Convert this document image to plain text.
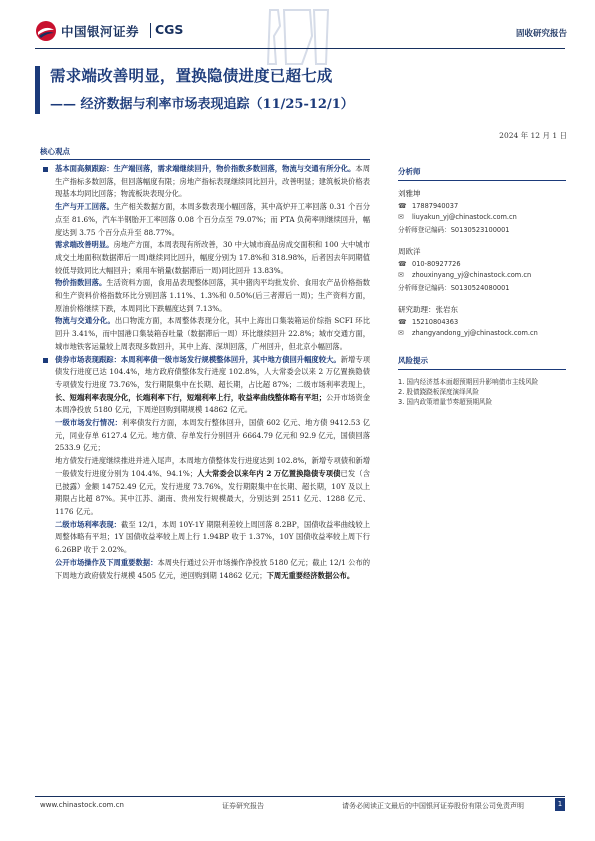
中国银河证券 CGS	固收研究报告
需求端改善明显，置换隐债进度已超七成
—— 经济数据与利率市场表现追踪（11/25-12/1）
2024 年 12 月 1 日
核心观点

基本面高频跟踪：生产端回落，需求端继续回升，物价指数多数回落，物流与交通有所分化。本周生产指标多数回落，但回落幅度有限；房地产指标表现继续同比回升，改善明显；建筑板块价格表现基本均同比回落；物流板块表现分化。

生产与开工回落。生产相关数据方面，本周多数表现小幅回落，其中高炉开工率回落 0.31 个百分点至 81.6%，汽车半钢胎开工率回落 0.08 个百分点至 79.07%；而 PTA 负荷率则继续回升，幅度达到 3.75 个百分点升至 88.77%。

需求端改善明显。房地产方面，本周表现有所改善，30 中大城市商品房成交面积和 100 大中城市成交土地面积(数据滞后一周)继续同比回升，幅度分别为 17.8%和 318.98%，后者因去年同期值较低导致同比大幅回升；乘用车销量(数据滞后一周)同比回升 13.83%。

物价指数回落。生活资料方面，食用品表现整体回落，其中猪肉平均批发价、食用农产品价格指数和生产资料价格指数环比分别回落 1.11%、1.3%和 0.50%(后三者滞后一周)；生产资料方面，原油价格继续下跌，本周同比下跌幅度达到 7.13%。

物流与交通分化。出口物流方面，本周整体表现分化，其中上海出口集装箱运价综指 SCFI 环比回升 3.41%，而中国港口集装箱吞吐量（数据滞后一周）环比继续回升 22.8%；城市交通方面，城市地铁客运量较上周表现多数回升，其中上海、深圳回落，广州回升，但北京小幅回落。

债券市场表现跟踪：本周利率债一级市场发行规模整体回升，其中地方债回升幅度较大。新增专项债发行进度已达 104.4%，地方政府债整体发行进度 102.8%，人大常委会以来 2 万亿置换隐债专项债发行进度 73.76%，发行期限集中在长期、超长期，占比超 87%；二级市场利率表现上，长、短端利率表现分化，长端利率下行，短端利率上行，收益率曲线整体略有平坦；公开市场资金本周净投放 5180 亿元，下周逆回购到期规模 14862 亿元。

一级市场发行情况：利率债发行方面，本周发行整体回升，国债 602 亿元、地方债 9412.53 亿元，同业存单 6127.4 亿元。地方债、存单发行分别回升 6664.79 亿元和 92.9 亿元，国债回落 2533.9 亿元；

地方债发行进度继续推进并进入尾声，本周地方债整体发行进度达到 102.8%，新增专项债和新增一般债发行进度分别为 104.4%、94.1%；人大常委会以来年内 2 万亿置换隐债专项债已发（含已披露）金额 14752.49 亿元，发行进度 73.76%，发行期限集中在长期、超长期，10Y 及以上期限占比超 87%。其中江苏、湖南、贵州发行规模最大，分别达到 2511 亿元、1288 亿元、1176 亿元。

二级市场利率表现：截至 12/1，本周 10Y-1Y 期限利差较上周回落 8.2BP，国债收益率曲线较上周整体略有平坦；1Y 国债收益率较上周上行 1.94BP 收于 1.37%，10Y 国债收益率较上周下行 6.26BP 收于 2.02%。

公开市场操作及下周重要数据：本周央行通过公开市场操作净投放 5180 亿元；截止 12/1 公布的下周地方政府债发行规模 4505 亿元，逆回购到期 14862 亿元；下周无重要经济数据公布。

分析师
刘雅坤
☎ 17887940037
✉	liuyakun_yj@chinastock.com.cn
分析师登记编码：S0130523100001
周欧洋
☎ 010-80927726
✉	zhouxinyang_yj@chinastock.com.cn
分析师登记编码：S0130524080001
研究助理：张岩东
☎ 15210804363
✉	zhangyandong_yj@chinastock.com.cn
风险提示
1. 国内经济基本面超预期回升影响债市主线风险
2. 股债跷跷板深度演绎风险
3. 国内政策增量节奏超预期风险
www.chinastock.com.cn	证券研究报告	请务必阅读正文最后的中国银河证券股份有限公司免责声明	1
